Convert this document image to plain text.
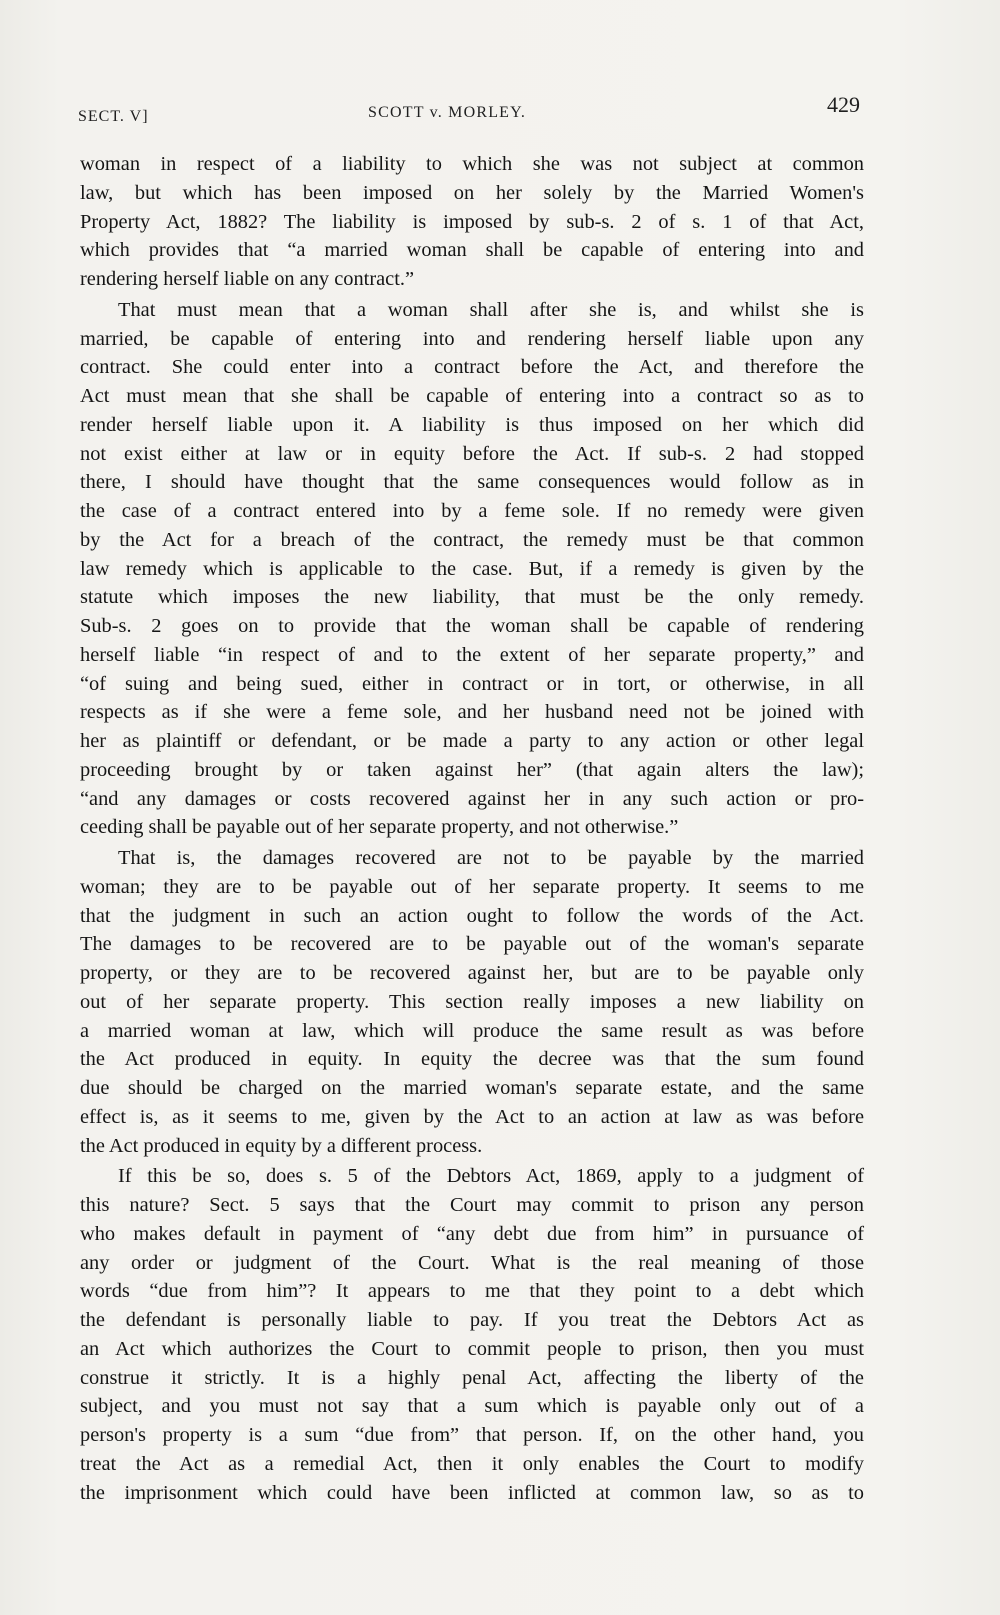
SECT. V]	SCOTT v. MORLEY.	429
woman in respect of a liability to which she was not subject at common
law, but which has been imposed on her solely by the Married Women's
Property Act, 1882? The liability is imposed by sub-s. 2 of s. 1 of that Act,
which provides that “a married woman shall be capable of entering into and
rendering herself liable on any contract.”
That must mean that a woman shall after she is, and whilst she is
married, be capable of entering into and rendering herself liable upon any
contract. She could enter into a contract before the Act, and therefore the
Act must mean that she shall be capable of entering into a contract so as to
render herself liable upon it. A liability is thus imposed on her which did
not exist either at law or in equity before the Act. If sub-s. 2 had stopped
there, I should have thought that the same consequences would follow as in
the case of a contract entered into by a feme sole. If no remedy were given
by the Act for a breach of the contract, the remedy must be that common
law remedy which is applicable to the case. But, if a remedy is given by the
statute which imposes the new liability, that must be the only remedy.
Sub-s. 2 goes on to provide that the woman shall be capable of rendering
herself liable “in respect of and to the extent of her separate property,” and
“of suing and being sued, either in contract or in tort, or otherwise, in all
respects as if she were a feme sole, and her husband need not be joined with
her as plaintiff or defendant, or be made a party to any action or other legal
proceeding brought by or taken against her” (that again alters the law);
“and any damages or costs recovered against her in any such action or pro-
ceeding shall be payable out of her separate property, and not otherwise.”
That is, the damages recovered are not to be payable by the married
woman; they are to be payable out of her separate property. It seems to me
that the judgment in such an action ought to follow the words of the Act.
The damages to be recovered are to be payable out of the woman's separate
property, or they are to be recovered against her, but are to be payable only
out of her separate property. This section really imposes a new liability on
a married woman at law, which will produce the same result as was before
the Act produced in equity. In equity the decree was that the sum found
due should be charged on the married woman's separate estate, and the same
effect is, as it seems to me, given by the Act to an action at law as was before
the Act produced in equity by a different process.
If this be so, does s. 5 of the Debtors Act, 1869, apply to a judgment of
this nature? Sect. 5 says that the Court may commit to prison any person
who makes default in payment of “any debt due from him” in pursuance of
any order or judgment of the Court. What is the real meaning of those
words “due from him”? It appears to me that they point to a debt which
the defendant is personally liable to pay. If you treat the Debtors Act as
an Act which authorizes the Court to commit people to prison, then you must
construe it strictly. It is a highly penal Act, affecting the liberty of the
subject, and you must not say that a sum which is payable only out of a
person's property is a sum “due from” that person. If, on the other hand, you
treat the Act as a remedial Act, then it only enables the Court to modify
the imprisonment which could have been inflicted at common law, so as to
